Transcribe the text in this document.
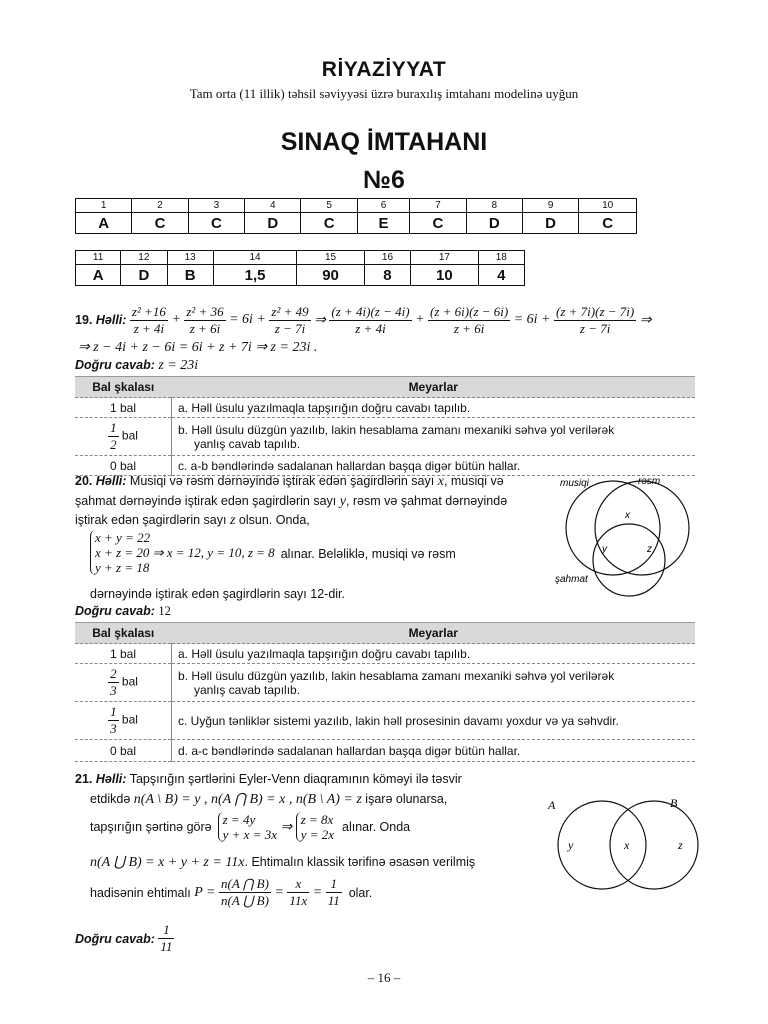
RİYAZİYYAT
Tam orta (11 illik) təhsil səviyyəsi üzrə buraxılış imtahanı modelinə uyğun
SINAQ İMTAHANI
№6
1	2	3	4	5	6	7	8	9	10
A	C	C	D	C	E	C	D	D	C
11	12	13	14	15	16	17	18
A	D	B	1,5	90	8	10	4
19.
Həlli:
$\frac{\text{z² +16}}{z + 4i} + \frac{\text{z² + 36}}{z + 6i} = 6i + \frac{\text{z² + 49}}{z - 7i}$ ⇒ $\frac{(z + 4i)(z - 4i)}{z + 4i} + \frac{(z + 6i)(z - 6i)}{z + 6i} = 6i + \frac{(z + 7i)(z - 7i)}{z - 7i}$ ⇒
⇒ z − 4i + z − 6i = 6i + z + 7i ⇒ z = 23i .
Doğru cavab: z = 23i
Bal şkalası	Meyarlar
1 bal	a. Həll üsulu yazılmaqla tapşırığın doğru cavabı tapılıb.

$\frac{1}{2}$ bal	b. Həll üsulu düzgün yazılıb, lakin hesablama zamanı mexaniki səhvə yol verilərək
yanlış cavab tapılıb.

0 bal	c. a-b bəndlərində sadalanan hallardan başqa digər bütün hallar.
20. Həlli: Musiqi və rəsm dərnəyində iştirak edən şagirdlərin sayı x, musiqi və
şahmat dərnəyində iştirak edən şagirdlərin sayı y, rəsm və şahmat dərnəyində
iştirak edən şagirdlərin sayı z olsun. Onda,
x + y = 22
x + z = 20 ⇒ x = 12, y = 10, z = 8
y + z = 18
alınar. Beləliklə, musiqi və rəsm
dərnəyində iştirak edən şagirdlərin sayı 12-dir.
Doğru cavab: 12
musiqi	rəsm
şahmat
x
y	z
Bal şkalası	Meyarlar
1 bal	a. Həll üsulu yazılmaqla tapşırığın doğru cavabı tapılıb.

$\frac{2}{3}$ bal	b. Həll üsulu düzgün yazılıb, lakin hesablama zamanı mexaniki səhvə yol verilərək
yanlış cavab tapılıb.

$\frac{1}{3}$ bal	c. Uyğun tənliklər sistemi yazılıb, lakin həll prosesinin davamı yoxdur və ya səhvdir.
0 bal	d. a-c bəndlərində sadalanan hallardan başqa digər bütün hallar.
21. Həlli: Tapşırığın şərtlərini Eyler-Venn diaqramının köməyi ilə təsvir
etdikdə n(A \ B) = y , n(A ⋂ B) = x , n(B \ A) = z işarə olunarsa,
tapşırığın şərtinə görə z = 4y
y + x = 3x ⇒ z = 8x
y = 2x alınar. Onda
n(A ⋃ B) = x + y + z = 11x. Ehtimalın klassik tərifinə əsasən verilmiş
hadisənin ehtimalı
P =
$\frac{n(A ⋂ B)}{n(A ⋃ B)} = \frac{x}{11x} = \frac{1}{11}$
olar.
Doğru cavab:
$\frac{1}{11}$
A	B
y	x	z
– 16 –
